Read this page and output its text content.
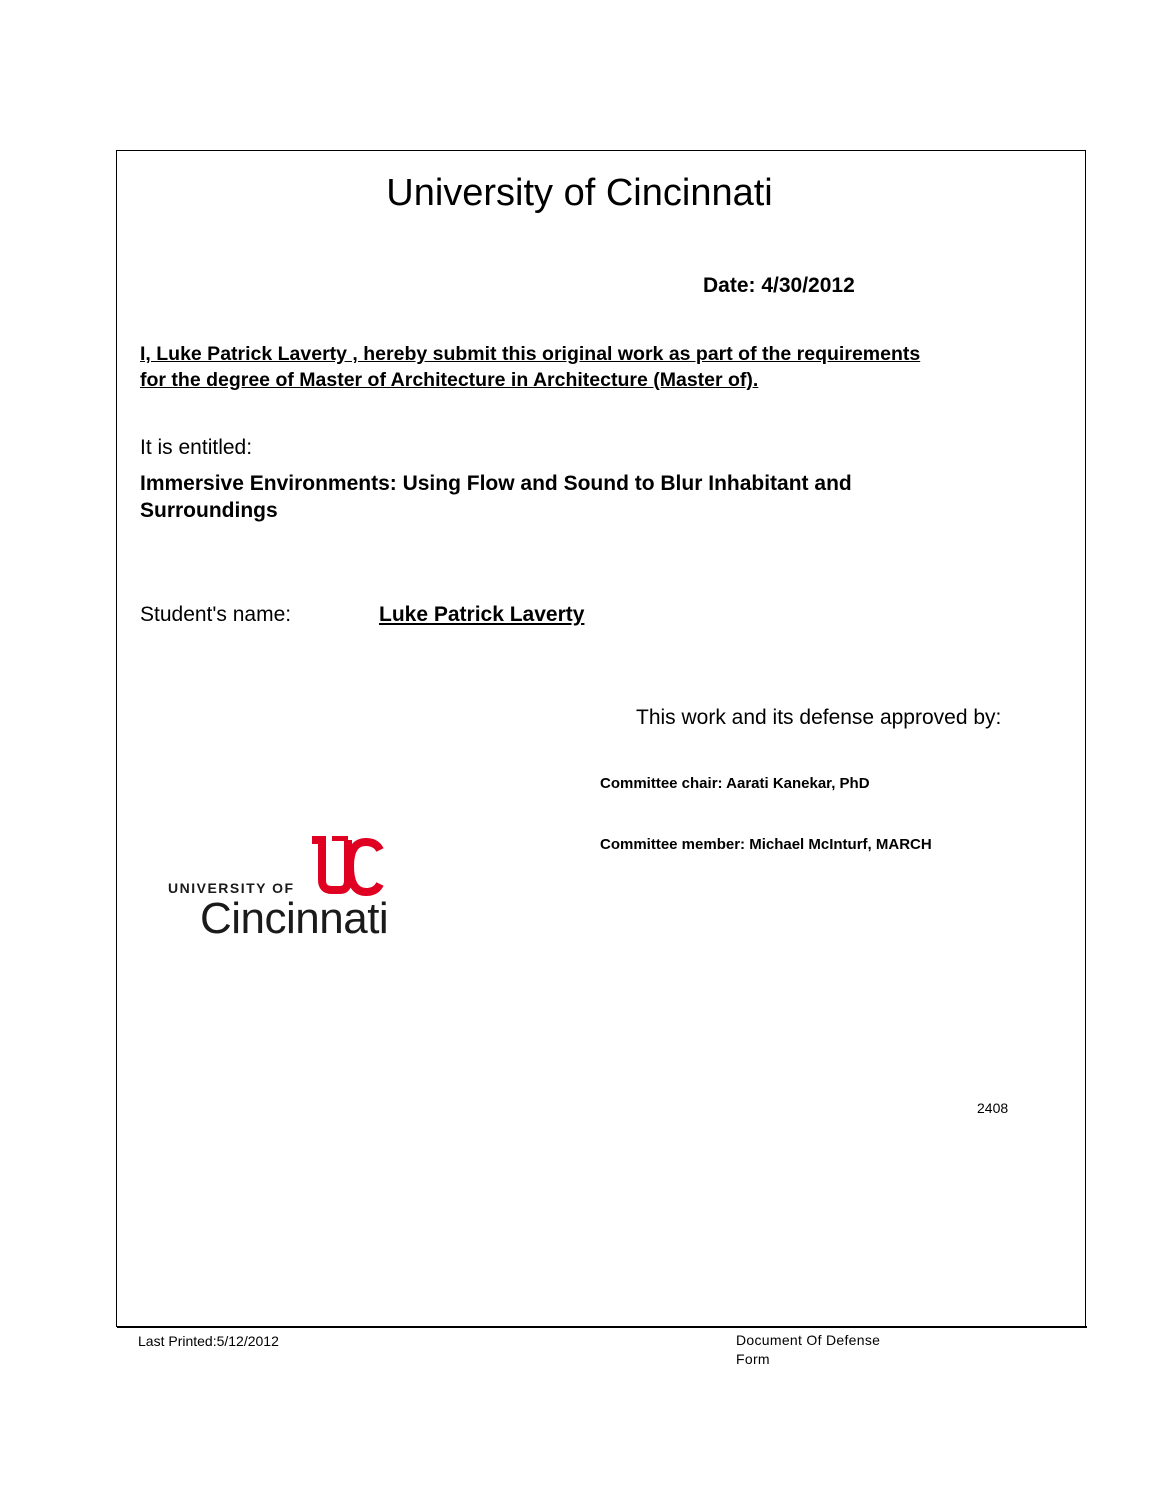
University of Cincinnati
Date: 4/30/2012
I, Luke Patrick Laverty , hereby submit this original work as part of the requirements
for the degree of Master of Architecture in Architecture (Master of).
It is entitled:
Immersive Environments: Using Flow and Sound to Blur Inhabitant and
Surroundings
Student's name:	Luke Patrick Laverty
This work and its defense approved by:
Committee chair: Aarati Kanekar, PhD
Committee member: Michael McInturf, MARCH
UNIVERSITY OF
Cincinnati
2408
Last Printed:5/12/2012	Document Of Defense Form
